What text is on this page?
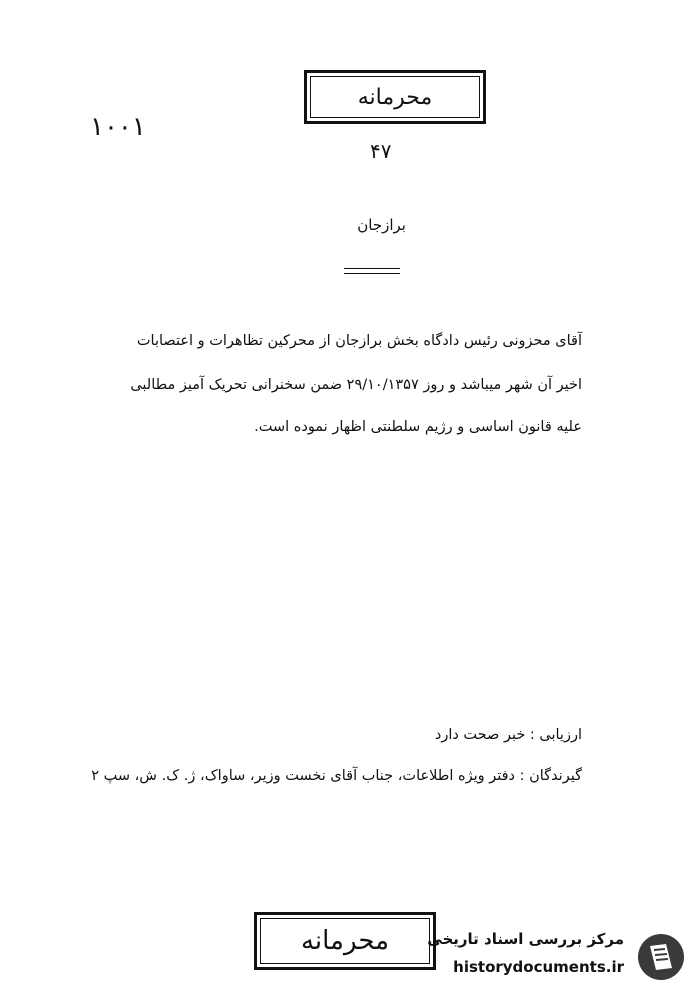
محرمانه
۱۰۰۱
۴۷
برازجان
آقای محزونی رئیس دادگاه بخش برازجان از محرکین تظاهرات و اعتصابات
اخیر آن شهر میباشد و روز ۲۹/۱۰/۱۳۵۷ ضمن سخنرانی تحریک آمیز مطالبی
علیه قانون اساسی و رژیم سلطنتی اظهار نموده است.
ارزیابی : خبر صحت دارد
گیرندگان : دفتر ویژه اطلاعات، جناب آقای نخست وزیر، ساواک، ژ. ک. ش، سپ ۲
محرمانه	مرکز بررسی اسناد تاریخی
historydocuments.ir
